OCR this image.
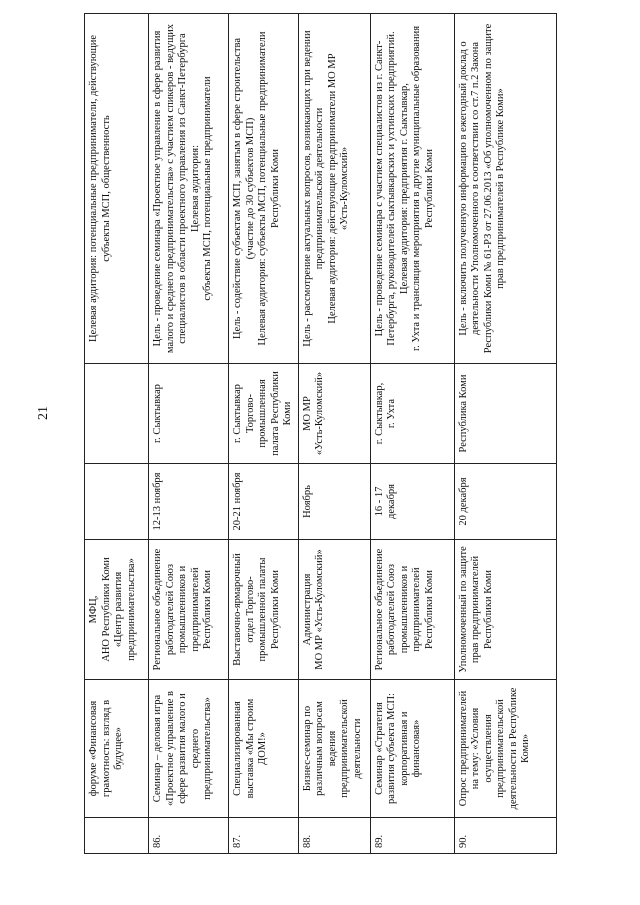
21

	форуме «Финансовая грамотность: взгляд в будущее»	МФЦ, АНО Республики Коми «Центр развития предпринимательства»			Целевая аудитория: потенциальные предприниматели, действующие субъекты МСП, общественность

86.	Семинар – деловая игра «Проектное управление в сфере развития малого и среднего предпринимательства»	Региональное объединение работодателей Союз промышленников и предпринимателей Республики Коми	12-13 ноября	г. Сыктывкар	Цель - проведение семинара «Проектное управление в сфере развития малого и среднего предпринимательства» с участием спикеров - ведущих специалистов в области проектного управления из Санкт-Петербурга Целевая аудитория: субъекты МСП, потенциальные предприниматели

87.	Специализированная выставка «Мы строим ДОМ!»	Выставочно-ярмарочный отдел Торгово-промышленной палаты Республики Коми	20-21 ноября	г. Сыктывкар Торгово-промышленная палата Республики Коми	Цель - содействие субъектам МСП, занятым в сфере строительства (участие до 30 субъектов МСП) Целевая аудитория: субъекты МСП, потенциальные предприниматели Республики Коми

88.	Бизнес-семинар по различным вопросам ведения предпринимательской деятельности	Администрация МО МР «Усть-Куломский»	Ноябрь	МО МР «Усть-Куломский»	Цель - рассмотрение актуальных вопросов, возникающих при ведении предпринимательской деятельности Целевая аудитория: действующие предприниматели МО МР «Усть-Куломский»

89.	Семинар «Стратегия развития субъекта МСП: корпоративная и финансовая»	Региональное объединение работодателей Союз промышленников и предпринимателей Республики Коми	16 - 17 декабря	г. Сыктывкар, г. Ухта	Цель - проведение семинара с участием специалистов из г. Санкт-Петербурга, руководителей сыктывкарских и ухтинских предприятий. Целевая аудитория: предприятия г. Сыктывкар, г. Ухта и трансляция мероприятия в другие муниципальные образования Республики Коми

90.	Опрос предпринимателей на тему: «Условия осуществления предпринимательской деятельности в Республике Коми»	Уполномоченный по защите прав предпринимателей Республики Коми	20 декабря	Республика Коми	Цель - включить полученную информацию в ежегодный доклад о деятельности Уполномоченного в соответствии со ст.7 п.2 Закона Республики Коми № 61-РЗ от 27.06.2013 «Об уполномоченном по защите прав предпринимателей в Республике Коми»
